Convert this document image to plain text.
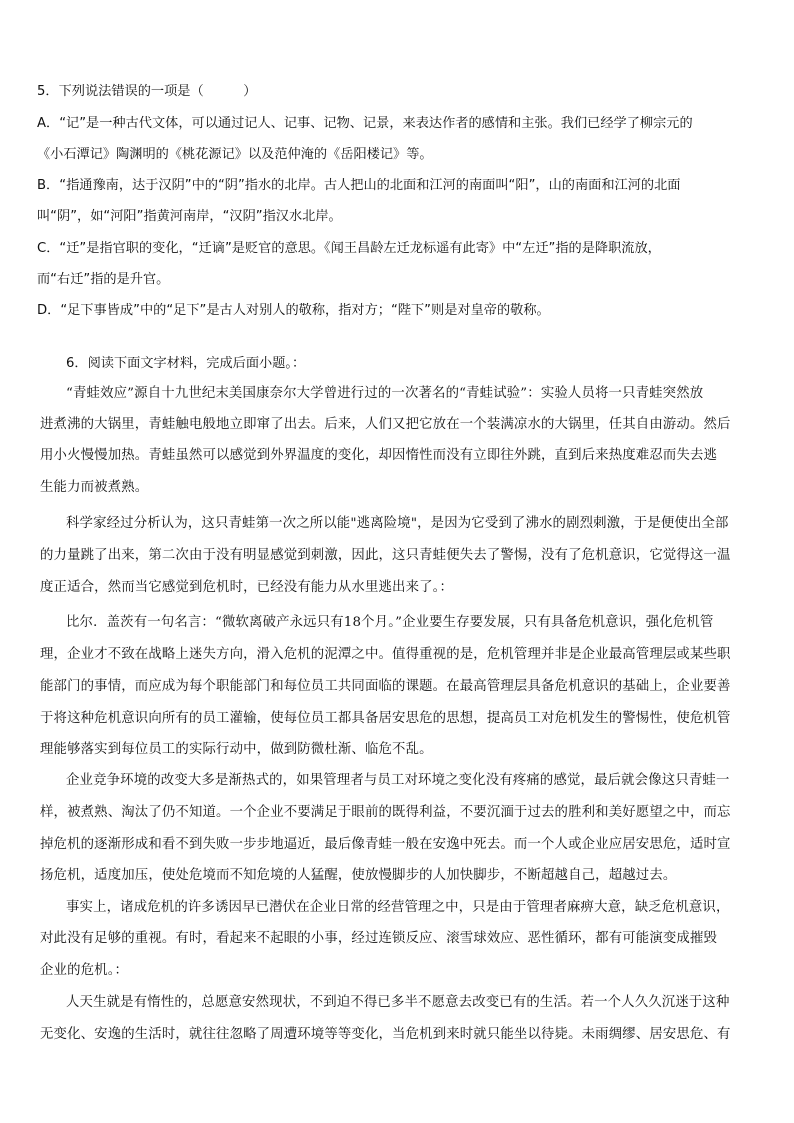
5．下列说法错误的一项是（　　　）
A．“记”是一种古代文体，可以通过记人、记事、记物、记景，来表达作者的感情和主张。我们已经学了柳宗元的
《小石潭记》陶渊明的《桃花源记》以及范仲淹的《岳阳楼记》等。
B．“指通豫南，达于汉阴”中的“阴”指水的北岸。古人把山的北面和江河的南面叫“阳”，山的南面和江河的北面
叫“阴”，如“河阳”指黄河南岸，“汉阴”指汉水北岸。
C．“迁”是指官职的变化，“迁谪”是贬官的意思。《闻王昌龄左迁龙标遥有此寄》中“左迁”指的是降职流放，
而“右迁”指的是升官。
D．“足下事皆成”中的“足下”是古人对别人的敬称，指对方；“陛下”则是对皇帝的敬称。
6．阅读下面文字材料，完成后面小题。：
“青蛙效应”源自十九世纪末美国康奈尔大学曾进行过的一次著名的“青蛙试验”：实验人员将一只青蛙突然放
进煮沸的大锅里，青蛙触电般地立即窜了出去。后来，人们又把它放在一个装满凉水的大锅里，任其自由游动。然后
用小火慢慢加热。青蛙虽然可以感觉到外界温度的变化，却因惰性而没有立即往外跳，直到后来热度难忍而失去逃
生能力而被煮熟。
科学家经过分析认为，这只青蛙第一次之所以能"逃离险境"，是因为它受到了沸水的剧烈刺激，于是便使出全部
的力量跳了出来，第二次由于没有明显感觉到刺激，因此，这只青蛙便失去了警惕，没有了危机意识，它觉得这一温
度正适合，然而当它感觉到危机时，已经没有能力从水里逃出来了。：
比尔．盖茨有一句名言：“微软离破产永远只有18个月。”企业要生存要发展，只有具备危机意识，强化危机管
理，企业才不致在战略上迷失方向，滑入危机的泥潭之中。值得重视的是，危机管理并非是企业最高管理层或某些职
能部门的事情，而应成为每个职能部门和每位员工共同面临的课题。在最高管理层具备危机意识的基础上，企业要善
于将这种危机意识向所有的员工灌输，使每位员工都具备居安思危的思想，提高员工对危机发生的警惕性，使危机管
理能够落实到每位员工的实际行动中，做到防微杜渐、临危不乱。
企业竞争环境的改变大多是渐热式的，如果管理者与员工对环境之变化没有疼痛的感觉，最后就会像这只青蛙一
样，被煮熟、淘汰了仍不知道。一个企业不要满足于眼前的既得利益，不要沉湎于过去的胜利和美好愿望之中，而忘
掉危机的逐渐形成和看不到失败一步步地逼近，最后像青蛙一般在安逸中死去。而一个人或企业应居安思危，适时宣
扬危机，适度加压，使处危境而不知危境的人猛醒，使放慢脚步的人加快脚步，不断超越自己，超越过去。
事实上，诸成危机的许多诱因早已潜伏在企业日常的经营管理之中，只是由于管理者麻痹大意，缺乏危机意识，
对此没有足够的重视。有时，看起来不起眼的小事，经过连锁反应、滚雪球效应、恶性循环，都有可能演变成摧毁
企业的危机。：
人天生就是有惰性的，总愿意安然现状，不到迫不得已多半不愿意去改变已有的生活。若一个人久久沉迷于这种
无变化、安逸的生活时，就往往忽略了周遭环境等等变化，当危机到来时就只能坐以待毙。未雨绸缪、居安思危、有
